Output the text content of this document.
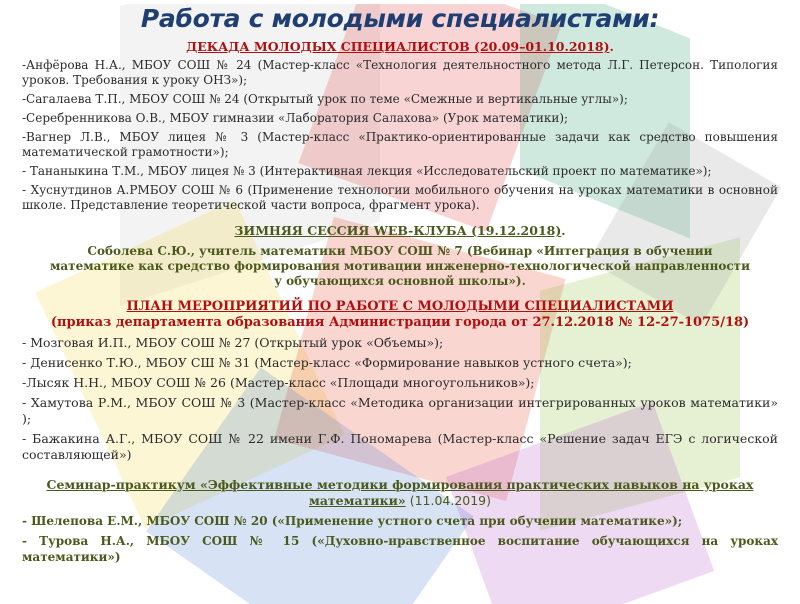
Работа с молодыми специалистами:

ДЕКАДА МОЛОДЫХ СПЕЦИАЛИСТОВ (20.09–01.10.2018).

-Анфёрова Н.А., МБОУ СОШ № 24 (Мастер-класс «Технология деятельностного метода Л.Г. Петерсон. Типология уроков. Требования к уроку ОНЗ»);

-Сагалаева Т.П., МБОУ СОШ № 24 (Открытый урок по теме «Смежные и вертикальные углы»);

-Серебренникова О.В., МБОУ гимназии «Лаборатория Салахова» (Урок математики);

-Вагнер Л.В., МБОУ лицея № 3 (Мастер-класс «Практико-ориентированные задачи как средство повышения математической грамотности»);

- Тананыкина Т.М., МБОУ лицея № 3 (Интерактивная лекция «Исследовательский проект по математике»);

- Хуснутдинов А.РМБОУ СОШ № 6 (Применение технологии мобильного обучения на уроках математики в основной школе. Представление теоретической части вопроса, фрагмент урока).

ЗИМНЯЯ СЕССИЯ WEB-КЛУБА (19.12.2018).

Соболева С.Ю., учитель математики МБОУ СОШ № 7 (Вебинар «Интеграция в обучении
математике как средство формирования мотивации инженерно-технологической направленности
у обучающихся основной школы»).

ПЛАН МЕРОПРИЯТИЙ ПО РАБОТЕ С МОЛОДЫМИ СПЕЦИАЛИСТАМИ

(приказ департамента образования Администрации города от 27.12.2018 № 12-27-1075/18)

- Мозговая И.П., МБОУ СОШ № 27 (Открытый урок «Объемы»);

- Денисенко Т.Ю., МБОУ СШ № 31 (Мастер-класс «Формирование навыков устного счета»);

-Лысяк Н.Н., МБОУ СОШ № 26 (Мастер-класс «Площади многоугольников»);

- Хамутова Р.М., МБОУ СОШ № 3 (Мастер-класс «Методика организации интегрированных уроков математики» );

- Бажакина А.Г., МБОУ СОШ № 22 имени Г.Ф. Пономарева (Мастер-класс «Решение задач ЕГЭ с логической составляющей»)

Семинар-практикум «Эффективные методики формирования практических навыков на уроках математики» (11.04.2019)

- Шелепова Е.М., МБОУ СОШ № 20 («Применение устного счета при обучении математике»);

- Турова Н.А., МБОУ СОШ № 15 («Духовно-нравственное воспитание обучающихся на уроках математики»)
